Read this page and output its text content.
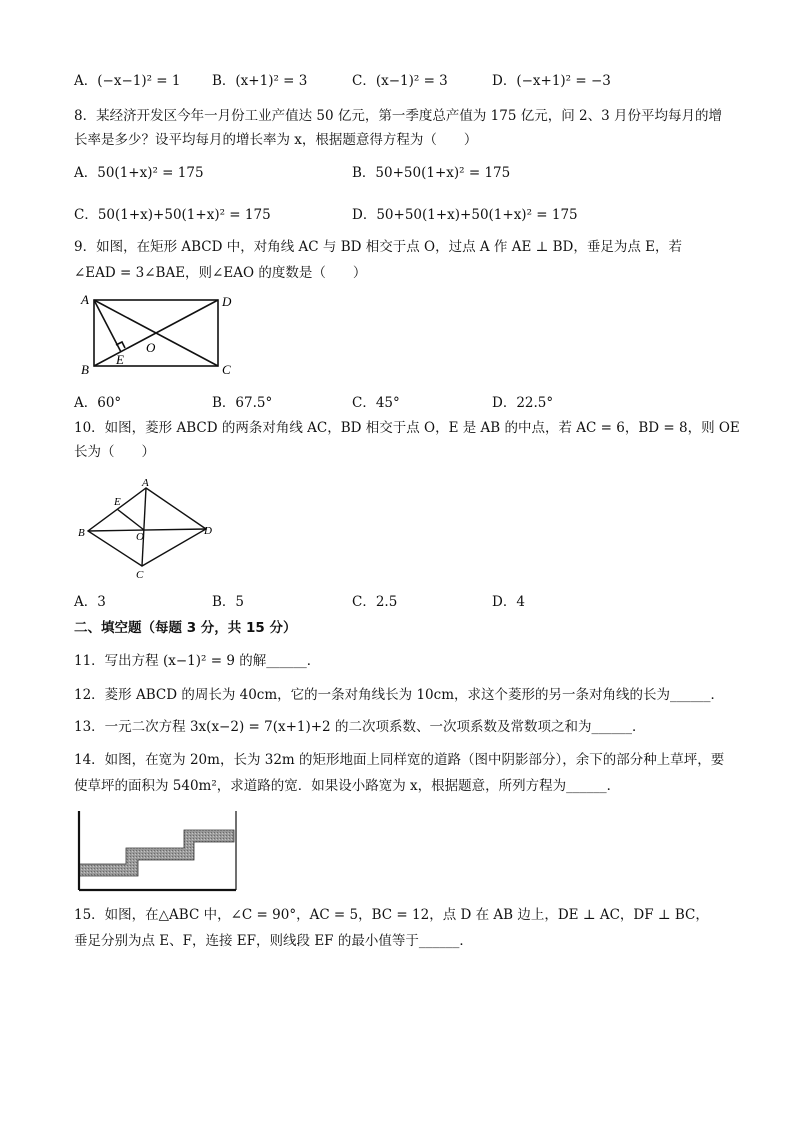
A．(−x−1)² = 1 B．(x+1)² = 3	C．(x−1)² = 3	D．(−x+1)² = −3
8．某经济开发区今年一月份工业产值达 50 亿元，第一季度总产值为 175 亿元，问 2、3 月份平均每月的增
长率是多少？设平均每月的增长率为 x，根据题意得方程为（　　）
A．50(1+x)² = 175	B．50+50(1+x)² = 175
C．50(1+x)+50(1+x)² = 175	D．50+50(1+x)+50(1+x)² = 175
9．如图，在矩形 ABCD 中，对角线 AC 与 BD 相交于点 O，过点 A 作 AE ⊥ BD，垂足为点 E，若
∠EAD = 3∠BAE，则∠EAO 的度数是（　　）
A	D
B	C
E
O
A．60°	B．67.5°	C．45°	D．22.5°
10．如图，菱形 ABCD 的两条对角线 AC，BD 相交于点 O，E 是 AB 的中点，若 AC = 6，BD = 8，则 OE
长为（　　）
A
B
C
D
E
O
A．3	B．5	C．2.5	D．4
二、填空题（每题 3 分，共 15 分）
11．写出方程 (x−1)² = 9 的解______．
12．菱形 ABCD 的周长为 40cm，它的一条对角线长为 10cm，求这个菱形的另一条对角线的长为______．
13．一元二次方程 3x(x−2) = 7(x+1)+2 的二次项系数、一次项系数及常数项之和为______．
14．如图，在宽为 20m，长为 32m 的矩形地面上同样宽的道路（图中阴影部分），余下的部分种上草坪，要
使草坪的面积为 540m²，求道路的宽．如果设小路宽为 x，根据题意，所列方程为______．
15．如图，在△ABC 中，∠C = 90°，AC = 5，BC = 12，点 D 在 AB 边上，DE ⊥ AC，DF ⊥ BC，
垂足分别为点 E、F，连接 EF，则线段 EF 的最小值等于______．
